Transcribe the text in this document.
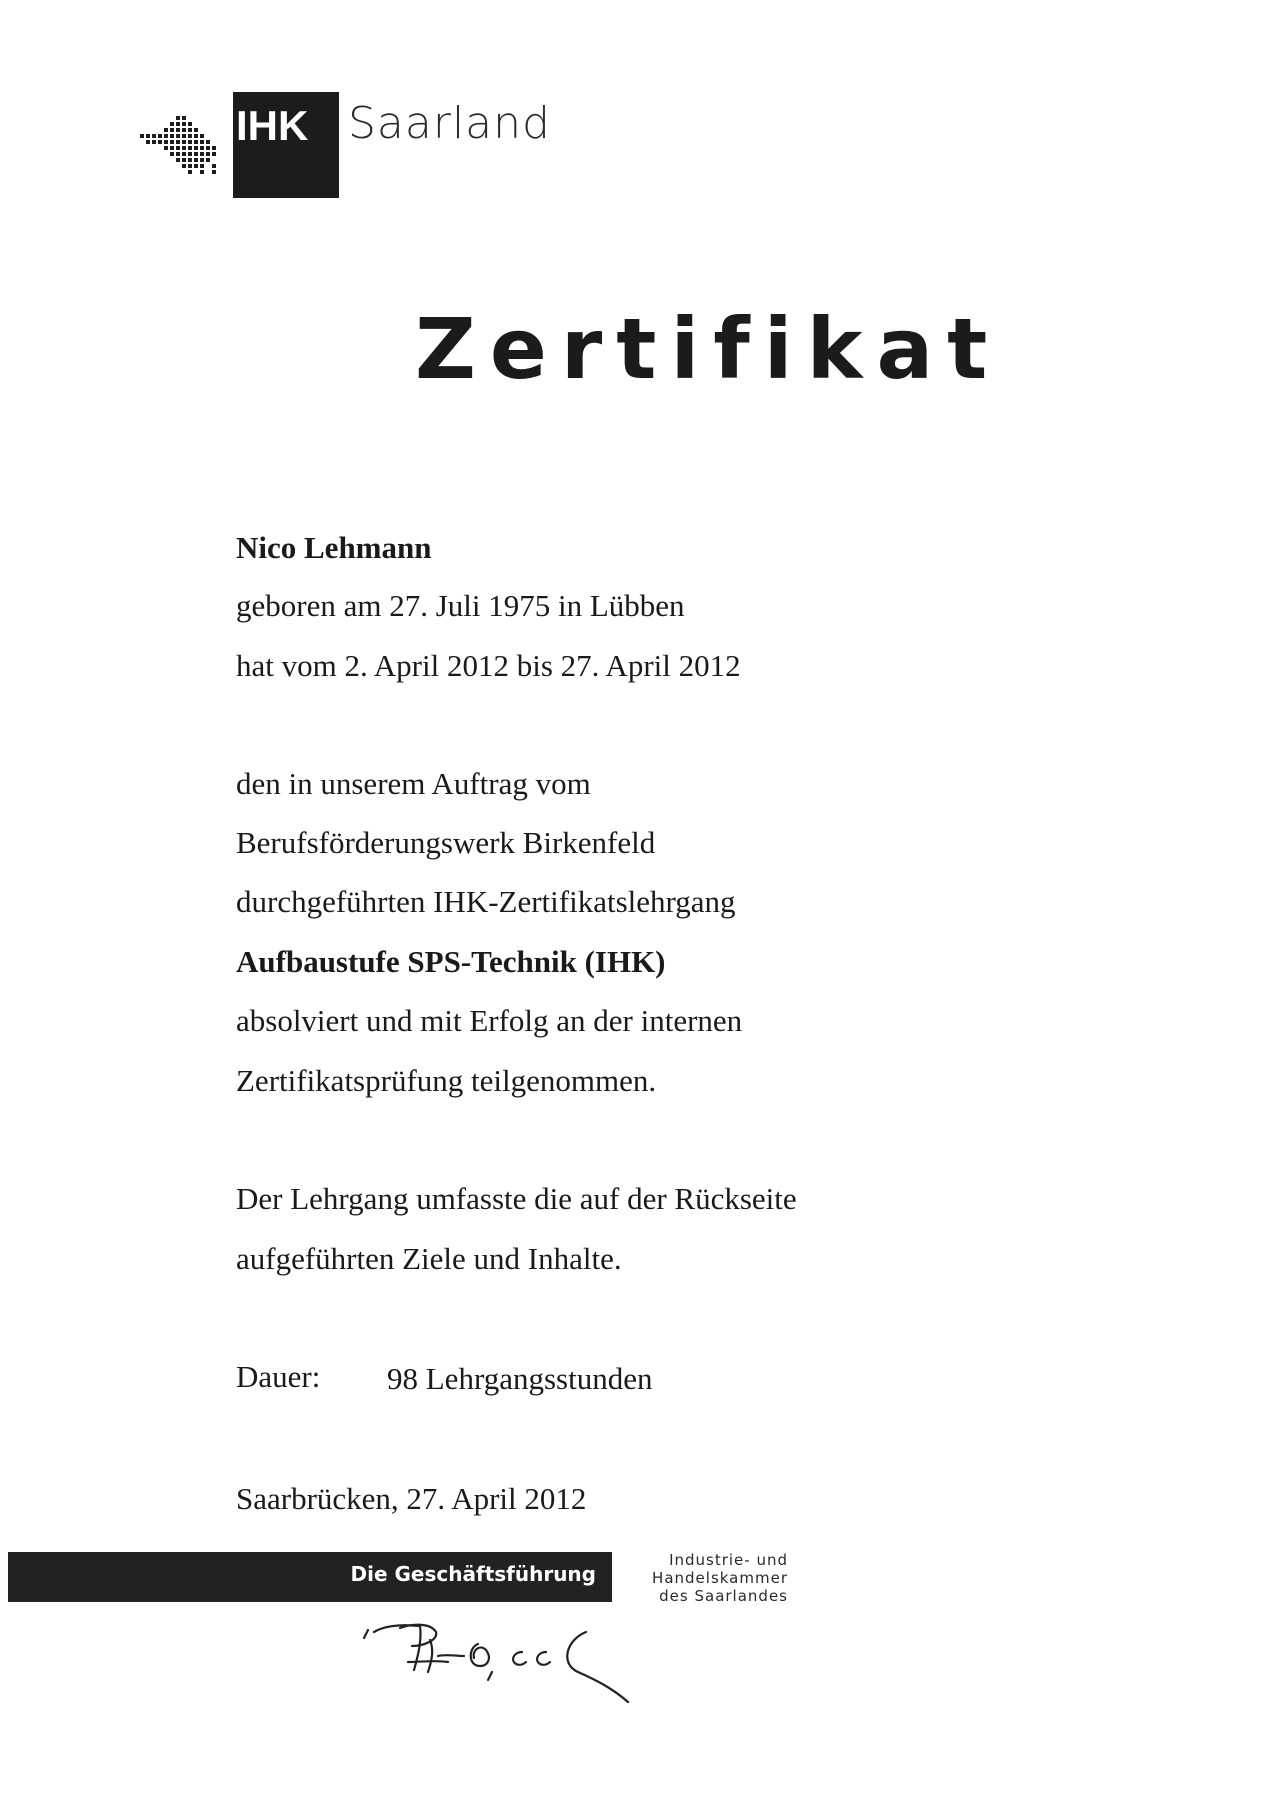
IHK Saarland
Zertifikat
Nico Lehmann
geboren am 27. Juli 1975 in Lübben
hat vom 2. April 2012 bis 27. April 2012
den in unserem Auftrag vom
Berufsförderungswerk Birkenfeld
durchgeführten IHK-Zertifikatslehrgang
Aufbaustufe SPS-Technik (IHK)
absolviert und mit Erfolg an der internen
Zertifikatsprüfung teilgenommen.
Der Lehrgang umfasste die auf der Rückseite
aufgeführten Ziele und Inhalte.
Dauer: 98 Lehrgangsstunden
Saarbrücken, 27. April 2012
Die Geschäftsführung
Industrie- und
Handelskammer
des Saarlandes
